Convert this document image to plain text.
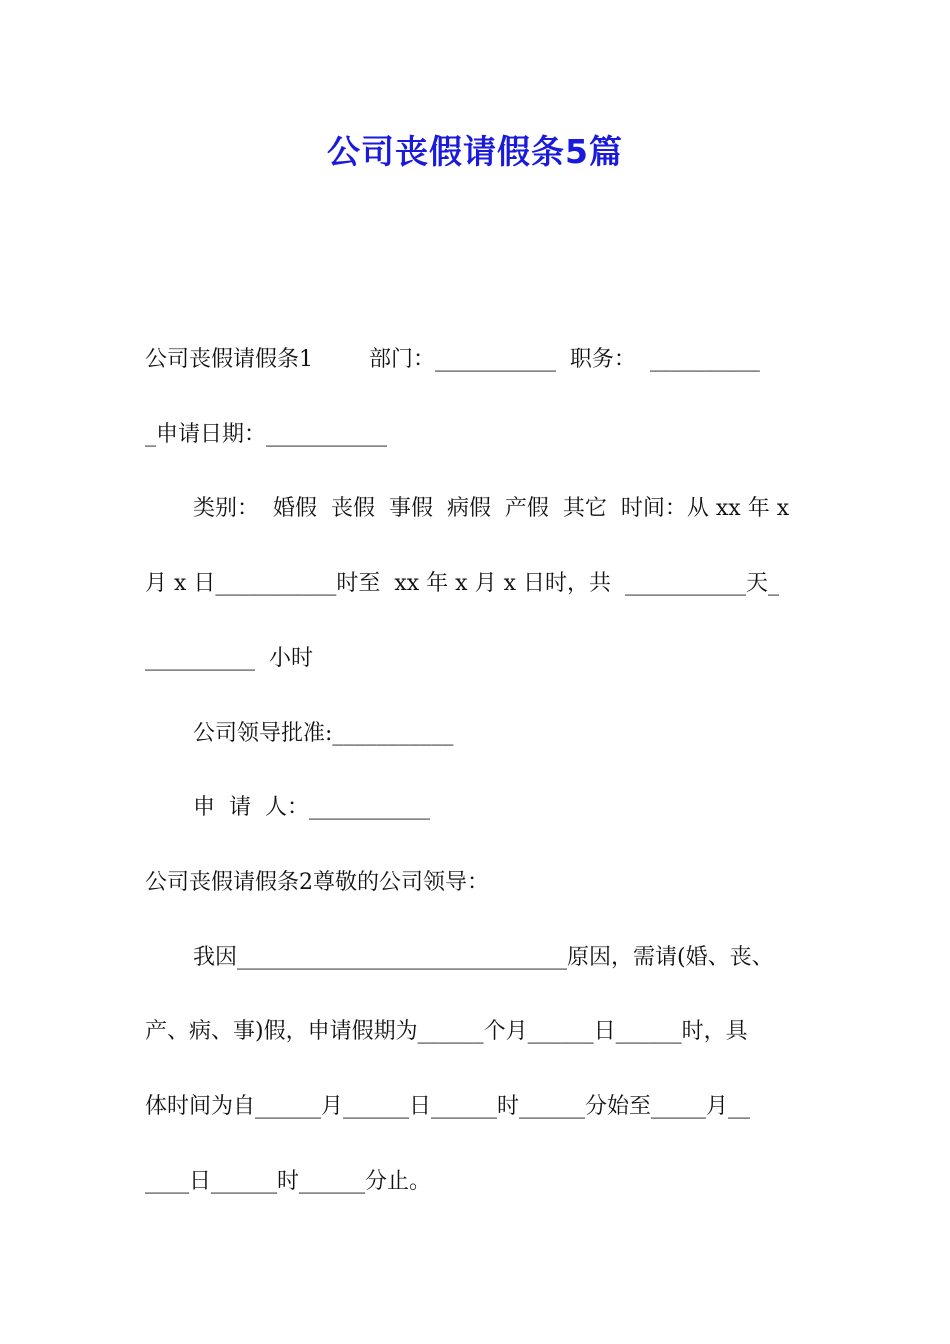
公司丧假请假条5篇
公司丧假请假条1        部门：___________  职务：  __________
_申请日期：___________
类别：  婚假  丧假  事假  病假  产假  其它  时间：从 xx 年 x
月 x 日___________时至  xx 年 x 月 x 日时，共  ___________天_
__________  小时
公司领导批准:___________
申  请  人：___________
公司丧假请假条2尊敬的公司领导：
我因______________________________原因，需请(婚、丧、
产、病、事)假，申请假期为______个月______日______时，具
体时间为自______月______日______时______分始至_____月__
____日______时______分止。
